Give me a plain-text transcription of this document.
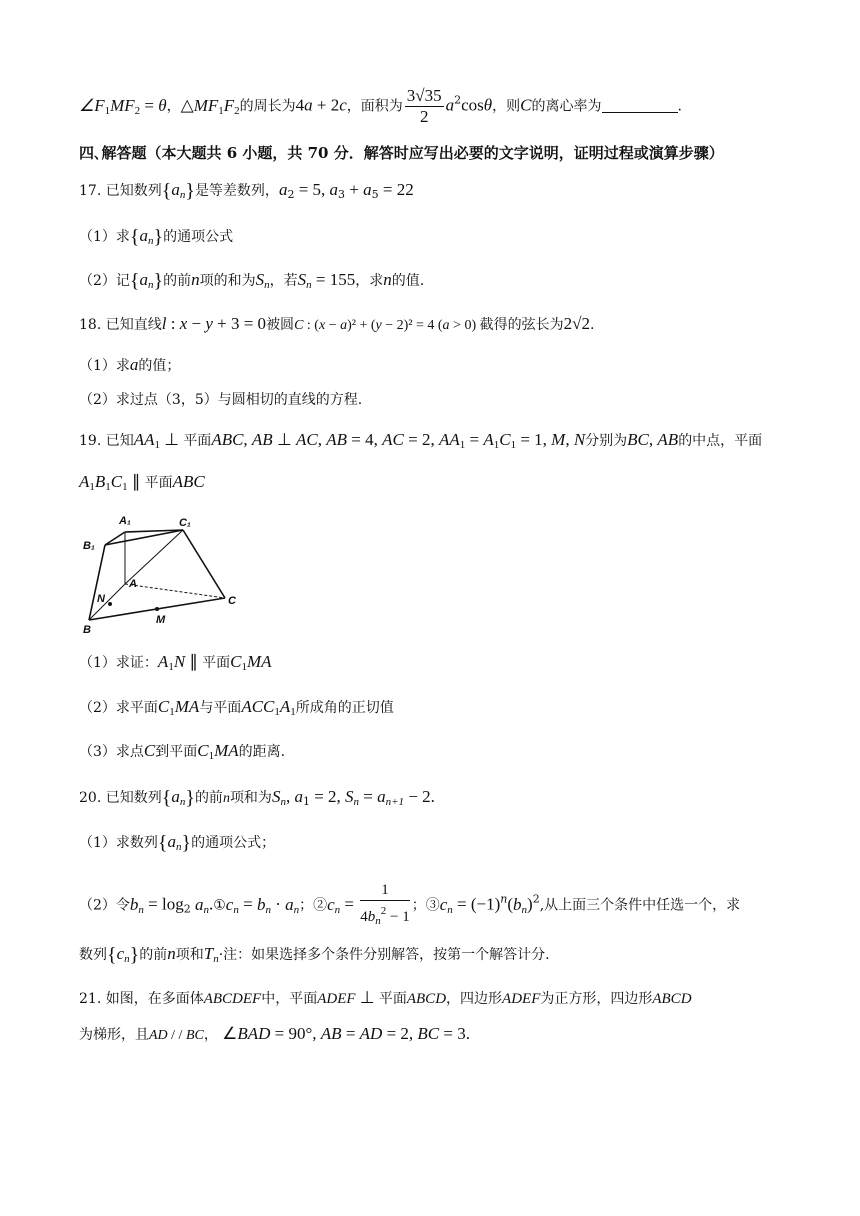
$\angle F_1MF_2 = \theta$，$\triangle MF_1F_2$的周长为4a + 2c，面积为 $\frac{3√35}{2} a^2\cos\theta$，则C的离心率为	.
四､解答题（本大题共 6 小题，共 70 分．解答时应写出必要的文字说明，证明过程或演算步骤）
17. 已知数列{an}是等差数列，$a_2 = 5$, $a_3 + a_5 = 22$
（1）求{an}的通项公式
（2）记{an}的前n项的和为Sn，若Sn = 155，求n的值.
18. 已知直线l : x − y + 3 = 0被圆C : (x − a)² + (y − 2)² = 4 (a > 0) 截得的弦长为2√2.
（1）求a的值；
（2）求过点（3，5）与圆相切的直线的方程.
19. 已知$AA_1$ ⊥ 平面ABC, AB ⊥ AC, AB = 4, AC = 2, $AA_1 = A_1C_1 = 1$, M, N分别为BC, AB的中点，平面
$A_1B_1C_1$ ∥ 平面ABC
A₁	C₁
B₁
A
N	C
B
M
（1）求证：$A_1N$ ∥ 平面$C_1MA$
（2）求平面$C_1MA$与平面$ACC_1A_1$所成角的正切值
（3）求点C到平面$C_1MA$的距离.
20. 已知数列{an}的前n项和为Sn, $a_1 = 2$, Sn = an+1 − 2.
（1）求数列{an}的通项公式；
（2）令bn = $\log_2$ an.①cn = bn · an；②cn = $\frac{1}{4b_n^2 - 1}$ ；③cn = $(-1)^n(bn)^2$,从上面三个条件中任选一个，求
数列{cn}的前n项和Tn·注：如果选择多个条件分别解答，按第一个解答计分.
21. 如图，在多面体ABCDEF中，平面ADEF ⊥ 平面ABCD，四边形ADEF为正方形，四边形ABCD
为梯形，且AD / / BC， ∠BAD = 90°, AB = AD = 2, BC = 3.
